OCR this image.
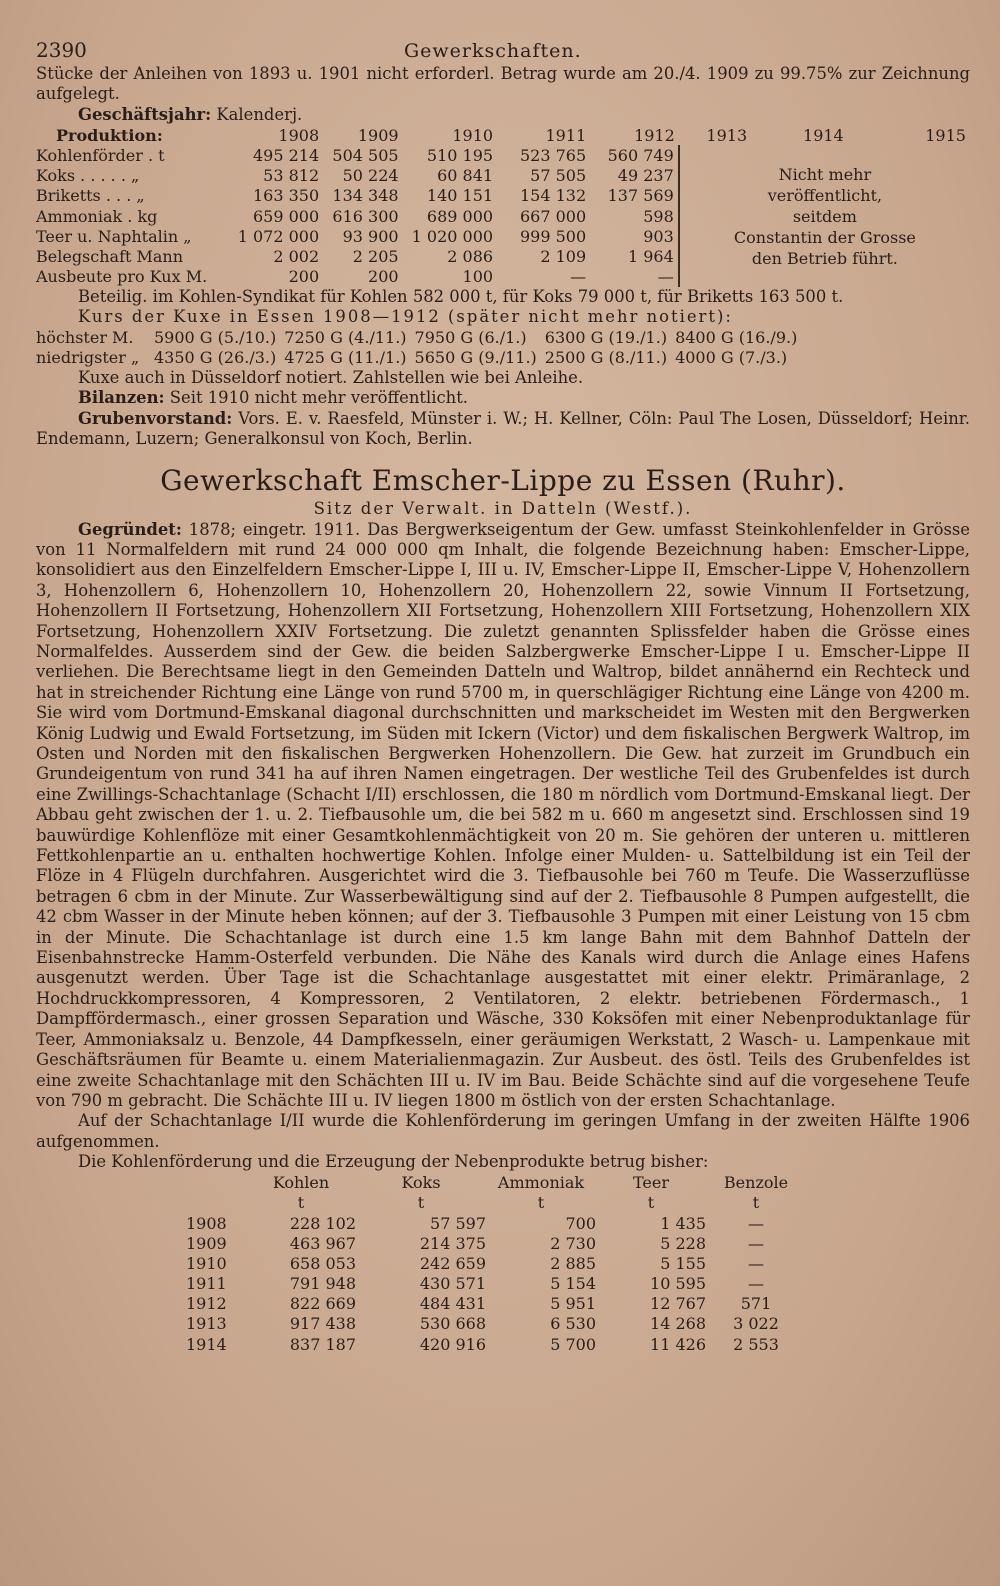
2390	Gewerkschaften.
Stücke der Anleihen von 1893 u. 1901 nicht erforderl. Betrag wurde am 20./4. 1909 zu 99.75% zur Zeichnung aufgelegt.
Geschäftsjahr: Kalenderj.
Produktion:	1908	1909	1910	1911	1912	1913 1914 1915
Kohlenförder . t	495 214	504 505	510 195	523 765	560 749	Nicht mehr
veröffentlicht,
seitdem
Constantin der Grosse
den Betrieb führt.

Koks . . . . . „	53 812	50 224	60 841	57 505	49 237	
Briketts . . . „	163 350	134 348	140 151	154 132	137 569	
Ammoniak . kg	659 000	616 300	689 000	667 000	598	
Teer u. Naphtalin „	1 072 000	93 900	1 020 000	999 500	903	
Belegschaft Mann	2 002	2 205	2 086	2 109	1 964	
Ausbeute pro Kux M.	200	200	100	—	—	
Beteilig. im Kohlen-Syndikat für Kohlen 582 000 t, für Koks 79 000 t, für Briketts 163 500 t.
Kurs der Kuxe in Essen 1908—1912 (später nicht mehr notiert):
höchster M.	5900 G (5./10.)	7250 G (4./11.)	7950 G (6./1.)	6300 G (19./1.)	8400 G (16./9.)
niedrigster „	4350 G (26./3.)	4725 G (11./1.)	5650 G (9./11.)	2500 G (8./11.)	4000 G (7./3.)
Kuxe auch in Düsseldorf notiert. Zahlstellen wie bei Anleihe.
Bilanzen: Seit 1910 nicht mehr veröffentlicht.
Grubenvorstand: Vors. E. v. Raesfeld, Münster i. W.; H. Kellner, Cöln: Paul The Losen, Düsseldorf; Heinr. Endemann, Luzern; Generalkonsul von Koch, Berlin.
Gewerkschaft Emscher-Lippe zu Essen (Ruhr).
Sitz der Verwalt. in Datteln (Westf.).
Gegründet: 1878; eingetr. 1911. Das Bergwerkseigentum der Gew. umfasst Steinkohlenfelder in Grösse von 11 Normalfeldern mit rund 24 000 000 qm Inhalt, die folgende Bezeichnung haben: Emscher-Lippe, konsolidiert aus den Einzelfeldern Emscher-Lippe I, III u. IV, Emscher-Lippe II, Emscher-Lippe V, Hohenzollern 3, Hohenzollern 6, Hohenzollern 10, Hohenzollern 20, Hohenzollern 22, sowie Vinnum II Fortsetzung, Hohenzollern II Fortsetzung, Hohenzollern XII Fortsetzung, Hohenzollern XIII Fortsetzung, Hohenzollern XIX Fortsetzung, Hohenzollern XXIV Fortsetzung. Die zuletzt genannten Splissfelder haben die Grösse eines Normalfeldes. Ausserdem sind der Gew. die beiden Salzbergwerke Emscher-Lippe I u. Emscher-Lippe II verliehen. Die Berechtsame liegt in den Gemeinden Datteln und Waltrop, bildet annähernd ein Rechteck und hat in streichender Richtung eine Länge von rund 5700 m, in querschlägiger Richtung eine Länge von 4200 m. Sie wird vom Dortmund-Emskanal diagonal durchschnitten und markscheidet im Westen mit den Bergwerken König Ludwig und Ewald Fortsetzung, im Süden mit Ickern (Victor) und dem fiskalischen Bergwerk Waltrop, im Osten und Norden mit den fiskalischen Bergwerken Hohenzollern. Die Gew. hat zurzeit im Grundbuch ein Grundeigentum von rund 341 ha auf ihren Namen eingetragen. Der westliche Teil des Grubenfeldes ist durch eine Zwillings-Schachtanlage (Schacht I/II) erschlossen, die 180 m nördlich vom Dortmund-Emskanal liegt. Der Abbau geht zwischen der 1. u. 2. Tiefbausohle um, die bei 582 m u. 660 m angesetzt sind. Erschlossen sind 19 bauwürdige Kohlenflöze mit einer Gesamtkohlenmächtigkeit von 20 m. Sie gehören der unteren u. mittleren Fettkohlenpartie an u. enthalten hochwertige Kohlen. Infolge einer Mulden- u. Sattelbildung ist ein Teil der Flöze in 4 Flügeln durchfahren. Ausgerichtet wird die 3. Tiefbausohle bei 760 m Teufe. Die Wasserzuflüsse betragen 6 cbm in der Minute. Zur Wasserbewältigung sind auf der 2. Tiefbausohle 8 Pumpen aufgestellt, die 42 cbm Wasser in der Minute heben können; auf der 3. Tiefbausohle 3 Pumpen mit einer Leistung von 15 cbm in der Minute. Die Schachtanlage ist durch eine 1.5 km lange Bahn mit dem Bahnhof Datteln der Eisenbahnstrecke Hamm-Osterfeld verbunden. Die Nähe des Kanals wird durch die Anlage eines Hafens ausgenutzt werden. Über Tage ist die Schachtanlage ausgestattet mit einer elektr. Primäranlage, 2 Hochdruckkompressoren, 4 Kompressoren, 2 Ventilatoren, 2 elektr. betriebenen Fördermasch., 1 Dampffördermasch., einer grossen Separation und Wäsche, 330 Koksöfen mit einer Nebenproduktanlage für Teer, Ammoniaksalz u. Benzole, 44 Dampfkesseln, einer geräumigen Werkstatt, 2 Wasch- u. Lampenkaue mit Geschäftsräumen für Beamte u. einem Materialienmagazin. Zur Ausbeut. des östl. Teils des Grubenfeldes ist eine zweite Schachtanlage mit den Schächten III u. IV im Bau. Beide Schächte sind auf die vorgesehene Teufe von 790 m gebracht. Die Schächte III u. IV liegen 1800 m östlich von der ersten Schachtanlage.
Auf der Schachtanlage I/II wurde die Kohlenförderung im geringen Umfang in der zweiten Hälfte 1906 aufgenommen.
Die Kohlenförderung und die Erzeugung der Nebenprodukte betrug bisher:
	Kohlen	Koks	Ammoniak	Teer	Benzole
	t	t	t	t	t
1908	228 102	57 597	700	1 435	—
1909	463 967	214 375	2 730	5 228	—
1910	658 053	242 659	2 885	5 155	—
1911	791 948	430 571	5 154	10 595	—
1912	822 669	484 431	5 951	12 767	571
1913	917 438	530 668	6 530	14 268	3 022
1914	837 187	420 916	5 700	11 426	2 553
